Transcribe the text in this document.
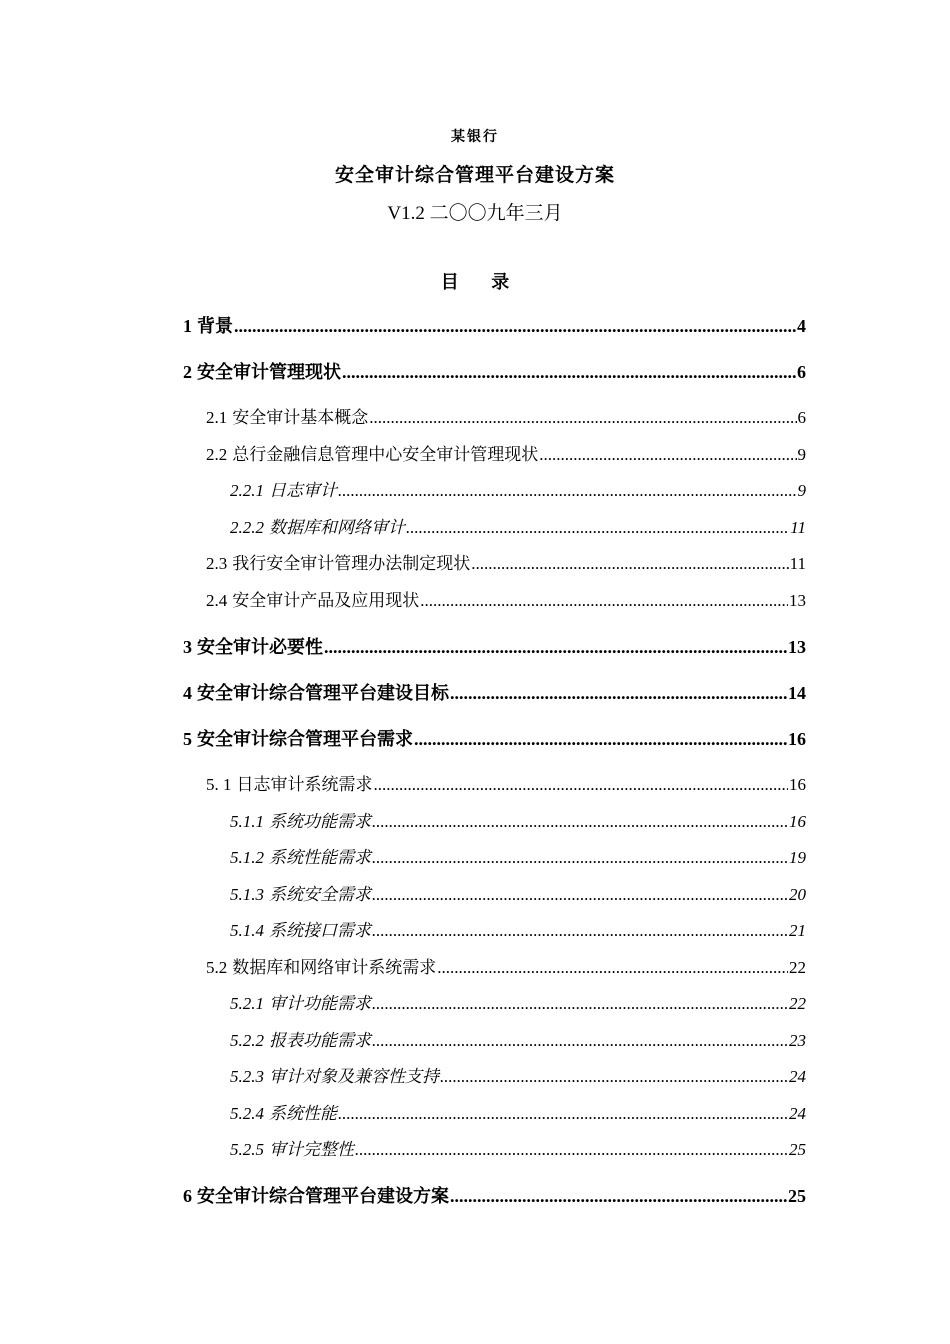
某银行
安全审计综合管理平台建设方案
V1.2 二〇〇九年三月
目 录
1 背景 .....	4
2 安全审计管理现状 .....	6
2.1 安全审计基本概念 .....	6
2.2 总行金融信息管理中心安全审计管理现状 .....	9
2.2.1 日志审计 .....	9
2.2.2 数据库和网络审计 .....	11
2.3 我行安全审计管理办法制定现状 .....	11
2.4 安全审计产品及应用现状 .....	13
3 安全审计必要性 .....	13
4 安全审计综合管理平台建设目标 .....	14
5 安全审计综合管理平台需求 .....	16
5. 1 日志审计系统需求 .....	16
5.1.1 系统功能需求 .....	16
5.1.2 系统性能需求 .....	19
5.1.3 系统安全需求 .....	20
5.1.4 系统接口需求 .....	21
5.2 数据库和网络审计系统需求 .....	22
5.2.1 审计功能需求 .....	22
5.2.2 报表功能需求 .....	23
5.2.3 审计对象及兼容性支持 .....	24
5.2.4 系统性能 .....	24
5.2.5 审计完整性 .....	25
6 安全审计综合管理平台建设方案 .....	25
